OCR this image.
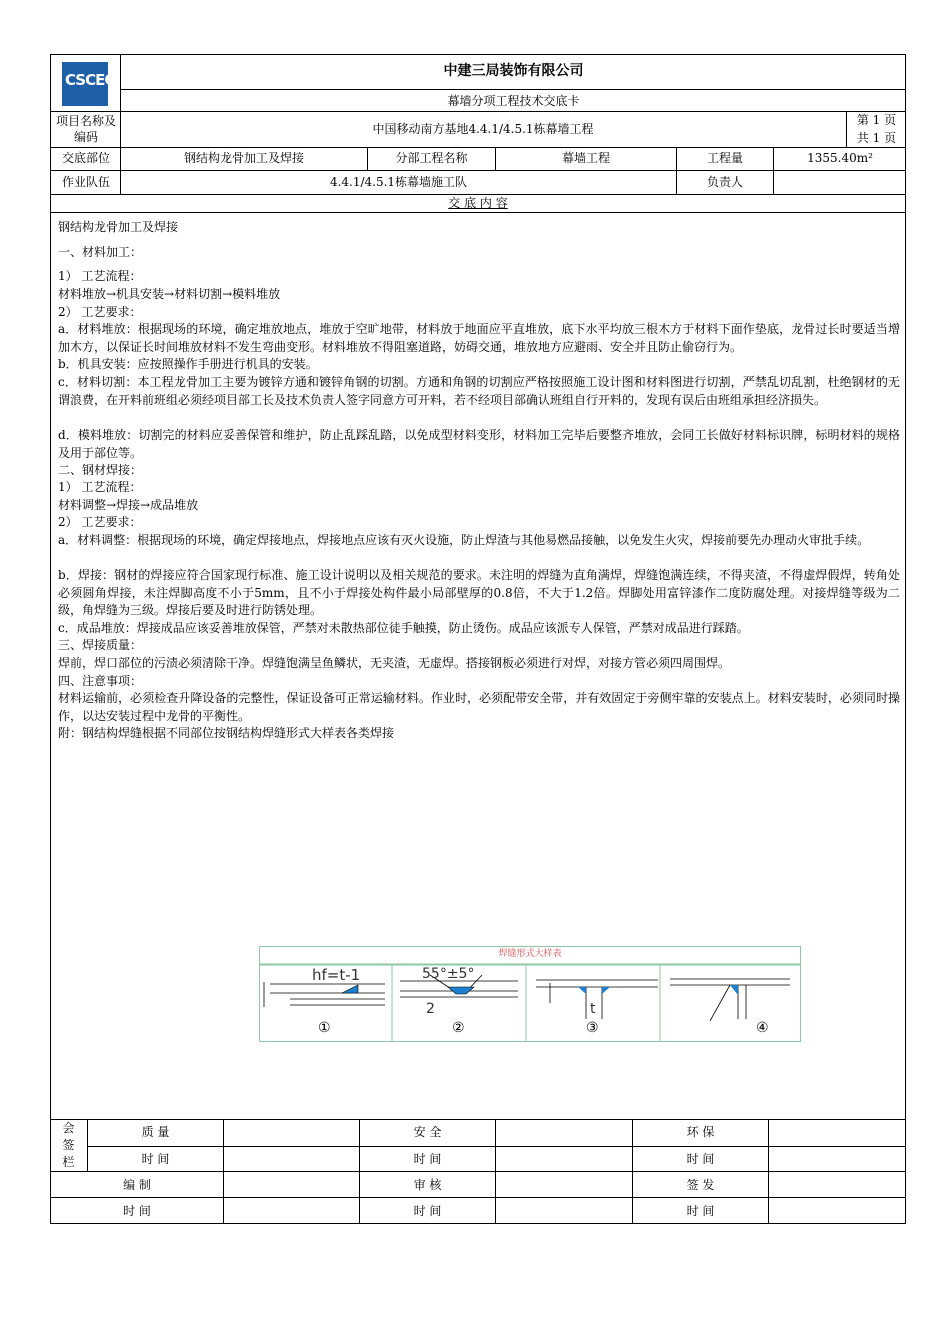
CSCEC	中建三局装饰有限公司
幕墙分项工程技术交底卡
项目名称及编码
中国移动南方基地4.4.1/4.5.1栋幕墙工程
第 1 页
共 1 页
交底部位	钢结构龙骨加工及焊接	分部工程名称	幕墙工程	工程量	1355.40m²
作业队伍	4.4.1/4.5.1栋幕墙施工队	负责人
交 底 内 容

钢结构龙骨加工及焊接

一、材料加工：

1） 工艺流程：

材料堆放→机具安装→材料切割→模料堆放

2） 工艺要求：

a．材料堆放：根据现场的环境，确定堆放地点，堆放于空旷地带，材料放于地面应平直堆放，底下水平均放三根木方于材料下面作垫底，龙骨过长时要适当增加木方，以保证长时间堆放材料不发生弯曲变形。材料堆放不得阻塞道路，妨碍交通，堆放地方应避雨、安全并且防止偷窃行为。

b．机具安装：应按照操作手册进行机具的安装。

c．材料切割：本工程龙骨加工主要为镀锌方通和镀锌角钢的切割。方通和角钢的切割应严格按照施工设计图和材料图进行切割，严禁乱切乱割，杜绝钢材的无谓浪费，在开料前班组必须经项目部工长及技术负责人签字同意方可开料，若不经项目部确认班组自行开料的，发现有误后由班组承担经济损失。

d．模料堆放：切割完的材料应妥善保管和维护，防止乱踩乱踏，以免成型材料变形，材料加工完毕后要整齐堆放，会同工长做好材料标识牌，标明材料的规格及用于部位等。

二、钢材焊接：

1） 工艺流程：

材料调整→焊接→成品堆放

2） 工艺要求：

a．材料调整：根据现场的环境，确定焊接地点，焊接地点应该有灭火设施，防止焊渣与其他易燃品接触，以免发生火灾，焊接前要先办理动火审批手续。

b．焊接：钢材的焊接应符合国家现行标准、施工设计说明以及相关规范的要求。未注明的焊缝为直角满焊，焊缝饱满连续，不得夹渣，不得虚焊假焊，转角处必须圆角焊接，未注焊脚高度不小于5mm，且不小于焊接处构件最小局部壁厚的0.8倍，不大于1.2倍。焊脚处用富锌漆作二度防腐处理。对接焊缝等级为二级，角焊缝为三级。焊接后要及时进行防锈处理。

c．成品堆放：焊接成品应该妥善堆放保管，严禁对未散热部位徒手触摸，防止烫伤。成品应该派专人保管，严禁对成品进行踩踏。

三、焊接质量：

焊前，焊口部位的污渍必须清除干净。焊缝饱满呈鱼鳞状，无夹渣，无虚焊。搭接钢板必须进行对焊，对接方管必须四周围焊。

四、注意事项：

材料运输前，必须检查升降设备的完整性，保证设备可正常运输材料。作业时，必须配带安全带，并有效固定于旁侧牢靠的安装点上。材料安装时，必须同时操作，以达安装过程中龙骨的平衡性。

附：钢结构焊缝根据不同部位按钢结构焊缝形式大样表各类焊接

焊缝形式大样表
hf=t-1	55°±5°
2	t
①	②	③	④
会
签
栏
质 量	安 全	环 保
时 间	时 间	时 间
编 制	审 核	签 发
时 间	时 间	时 间
